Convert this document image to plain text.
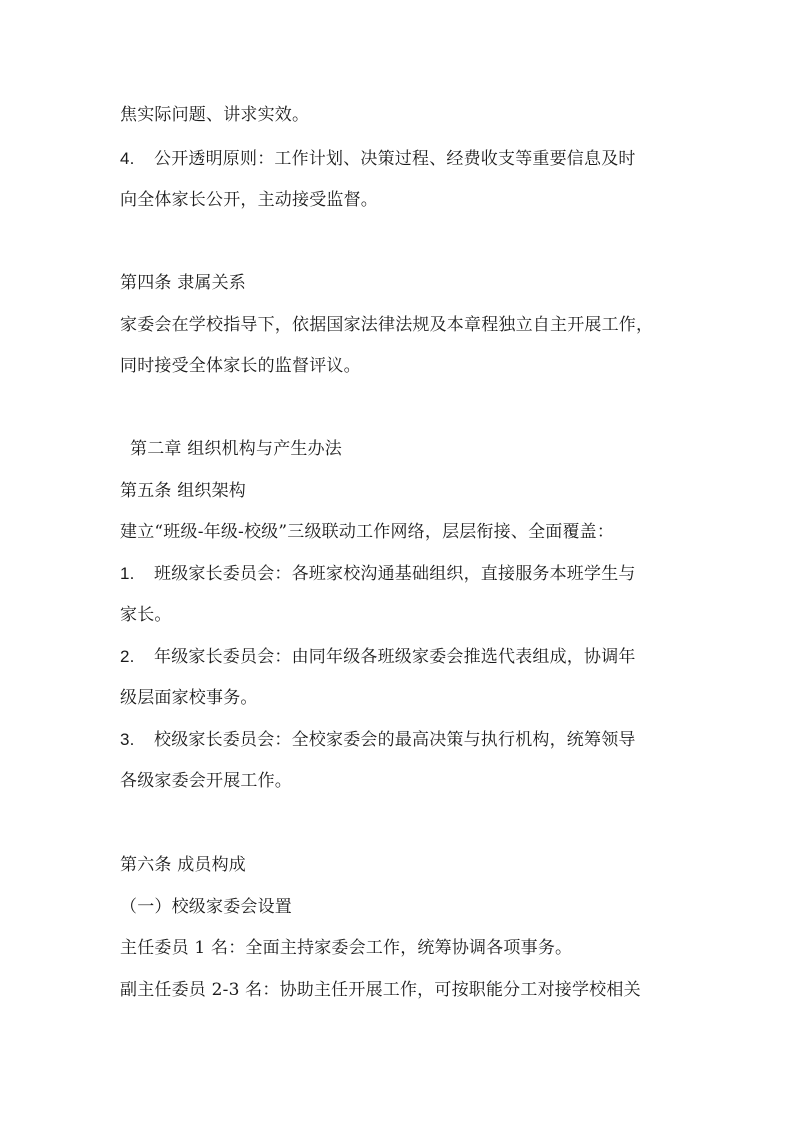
焦实际问题、讲求实效。

4. 公开透明原则：工作计划、决策过程、经费收支等重要信息及时

向全体家长公开，主动接受监督。

第四条 隶属关系

家委会在学校指导下，依据国家法律法规及本章程独立自主开展工作，

同时接受全体家长的监督评议。

第二章 组织机构与产生办法

第五条 组织架构

建立“班级-年级-校级”三级联动工作网络，层层衔接、全面覆盖：

1. 班级家长委员会：各班家校沟通基础组织，直接服务本班学生与

家长。

2. 年级家长委员会：由同年级各班级家委会推选代表组成，协调年

级层面家校事务。

3. 校级家长委员会：全校家委会的最高决策与执行机构，统筹领导

各级家委会开展工作。

第六条 成员构成

（一）校级家委会设置

主任委员 1 名：全面主持家委会工作，统筹协调各项事务。

副主任委员 2-3 名：协助主任开展工作，可按职能分工对接学校相关
